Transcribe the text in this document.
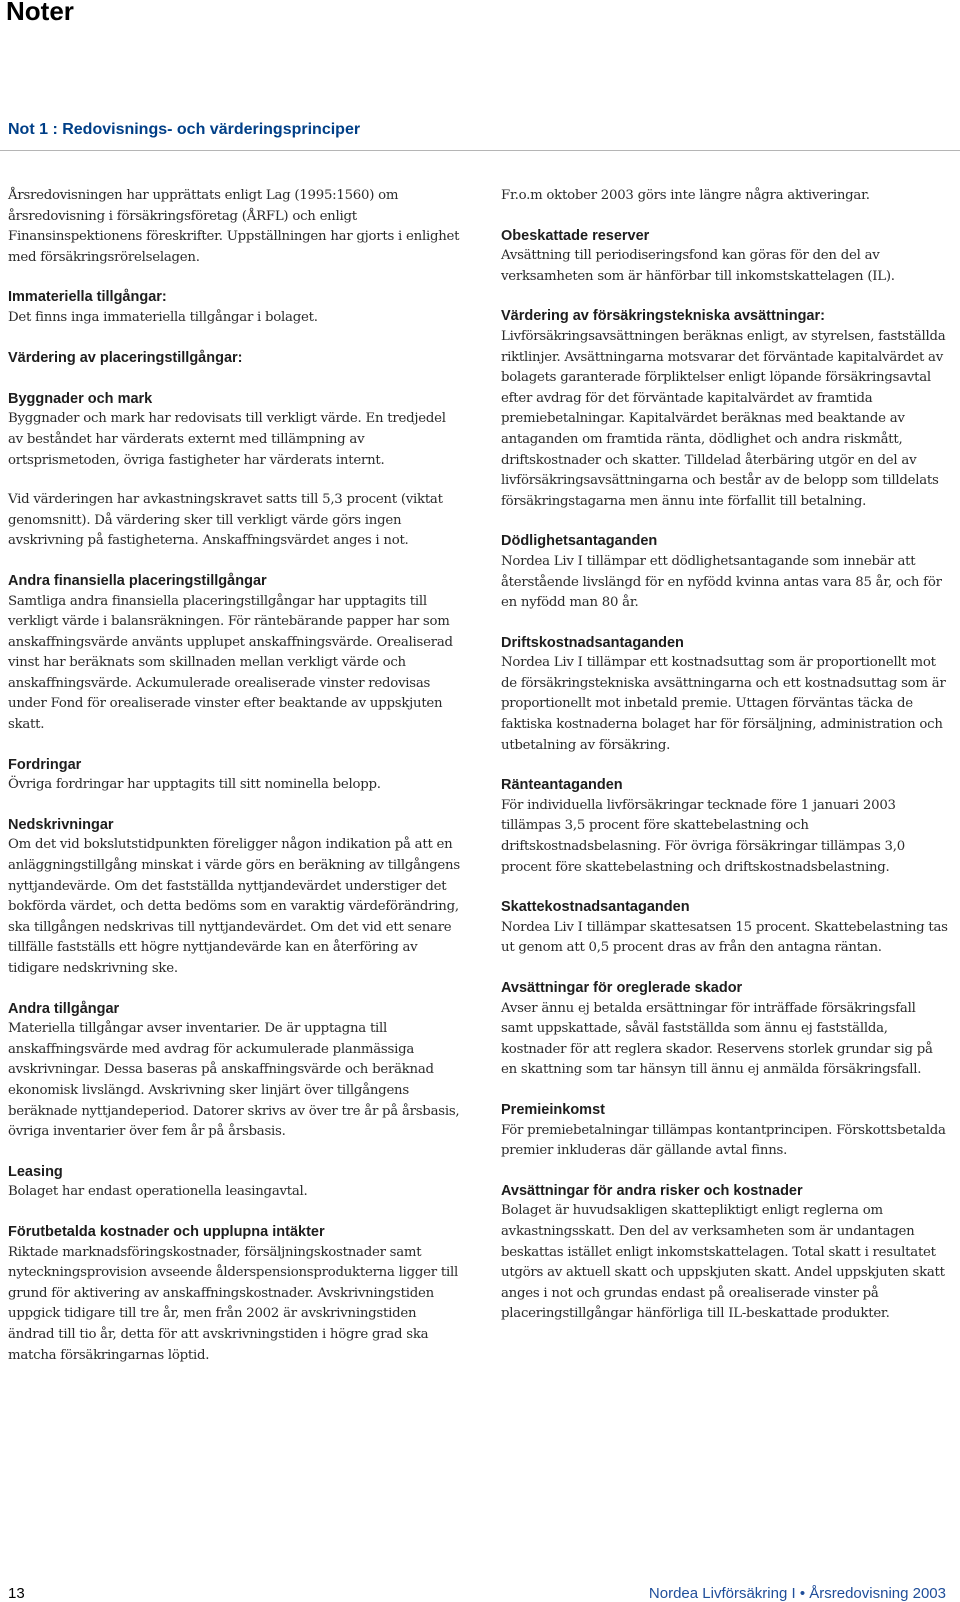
Noter
Not 1 : Redovisnings- och värderingsprinciper

Årsredovisningen har upprättats enligt Lag (1995:1560) om årsredovisning i försäkringsföretag (ÅRFL) och enligt Finansinspektionens föreskrifter. Uppställningen har gjorts i enlighet med försäkringsrörelselagen.

Immateriella tillgångar:

Det finns inga immateriella tillgångar i bolaget.

Värdering av placeringstillgångar:

Byggnader och mark

Byggnader och mark har redovisats till verkligt värde. En tredjedel av beståndet har värderats externt med tillämpning av ortsprismetoden, övriga fastigheter har värderats internt.

Vid värderingen har avkastningskravet satts till 5,3 procent (viktat genomsnitt). Då värdering sker till verkligt värde görs ingen avskrivning på fastigheterna. Anskaffningsvärdet anges i not.

Andra finansiella placeringstillgångar

Samtliga andra finansiella placeringstillgångar har upptagits till verkligt värde i balansräkningen. För räntebärande papper har som anskaffningsvärde använts upplupet anskaffningsvärde. Orealiserad vinst har beräknats som skillnaden mellan verkligt värde och anskaffningsvärde. Ackumulerade orealiserade vinster redovisas under Fond för orealiserade vinster efter beaktande av uppskjuten skatt.

Fordringar

Övriga fordringar har upptagits till sitt nominella belopp.

Nedskrivningar

Om det vid bokslutstidpunkten föreligger någon indikation på att en anläggningstillgång minskat i värde görs en beräkning av tillgångens nyttjandevärde. Om det fastställda nyttjandevärdet understiger det bokförda värdet, och detta bedöms som en varaktig värdeförändring, ska tillgången nedskrivas till nyttjandevärdet. Om det vid ett senare tillfälle fastställs ett högre nyttjandevärde kan en återföring av tidigare nedskrivning ske.

Andra tillgångar

Materiella tillgångar avser inventarier. De är upptagna till anskaffningsvärde med avdrag för ackumulerade planmässiga avskrivningar. Dessa baseras på anskaffningsvärde och beräknad ekonomisk livslängd. Avskrivning sker linjärt över tillgångens beräknade nyttjandeperiod. Datorer skrivs av över tre år på årsbasis, övriga inventarier över fem år på årsbasis.

Leasing

Bolaget har endast operationella leasingavtal.

Förutbetalda kostnader och upplupna intäkter

Riktade marknadsföringskostnader, försäljningskostnader samt nyteckningsprovision avseende ålderspensionsprodukterna ligger till grund för aktivering av anskaffningskostnader. Avskrivningstiden uppgick tidigare till tre år, men från 2002 är avskrivningstiden ändrad till tio år, detta för att avskrivningstiden i högre grad ska matcha försäkringarnas löptid.

Fr.o.m oktober 2003 görs inte längre några aktiveringar.

Obeskattade reserver

Avsättning till periodiseringsfond kan göras för den del av verksamheten som är hänförbar till inkomstskattelagen (IL).

Värdering av försäkringstekniska avsättningar:

Livförsäkringsavsättningen beräknas enligt, av styrelsen, fastställda riktlinjer. Avsättningarna motsvarar det förväntade kapitalvärdet av bolagets garanterade förpliktelser enligt löpande försäkringsavtal efter avdrag för det förväntade kapitalvärdet av framtida premiebetalningar. Kapitalvärdet beräknas med beaktande av antaganden om framtida ränta, dödlighet och andra riskmått, driftskostnader och skatter. Tilldelad återbäring utgör en del av livförsäkringsavsättningarna och består av de belopp som tilldelats försäkringstagarna men ännu inte förfallit till betalning.

Dödlighetsantaganden

Nordea Liv I tillämpar ett dödlighetsantagande som innebär att återstående livslängd för en nyfödd kvinna antas vara 85 år, och för en nyfödd man 80 år.

Driftskostnadsantaganden

Nordea Liv I tillämpar ett kostnadsuttag som är proportionellt mot de försäkringstekniska avsättningarna och ett kostnadsuttag som är proportionellt mot inbetald premie. Uttagen förväntas täcka de faktiska kostnaderna bolaget har för försäljning, administration och utbetalning av försäkring.

Ränteantaganden

För individuella livförsäkringar tecknade före 1 januari 2003 tillämpas 3,5 procent före skattebelastning och driftskostnadsbelasning. För övriga försäkringar tillämpas 3,0 procent före skattebelastning och driftskostnadsbelastning.

Skattekostnadsantaganden

Nordea Liv I tillämpar skattesatsen 15 procent. Skattebelastning tas ut genom att 0,5 procent dras av från den antagna räntan.

Avsättningar för oreglerade skador

Avser ännu ej betalda ersättningar för inträffade försäkringsfall samt uppskattade, såväl fastställda som ännu ej fastställda, kostnader för att reglera skador. Reservens storlek grundar sig på en skattning som tar hänsyn till ännu ej anmälda försäkringsfall.

Premieinkomst

För premiebetalningar tillämpas kontantprincipen. Förskottsbetalda premier inkluderas där gällande avtal finns.

Avsättningar för andra risker och kostnader

Bolaget är huvudsakligen skattepliktigt enligt reglerna om avkastningsskatt. Den del av verksamheten som är undantagen beskattas istället enligt inkomstskattelagen. Total skatt i resultatet utgörs av aktuell skatt och uppskjuten skatt. Andel uppskjuten skatt anges i not och grundas endast på orealiserade vinster på placeringstillgångar hänförliga till IL-beskattade produkter.

13	Nordea Livförsäkring I • Årsredovisning 2003
